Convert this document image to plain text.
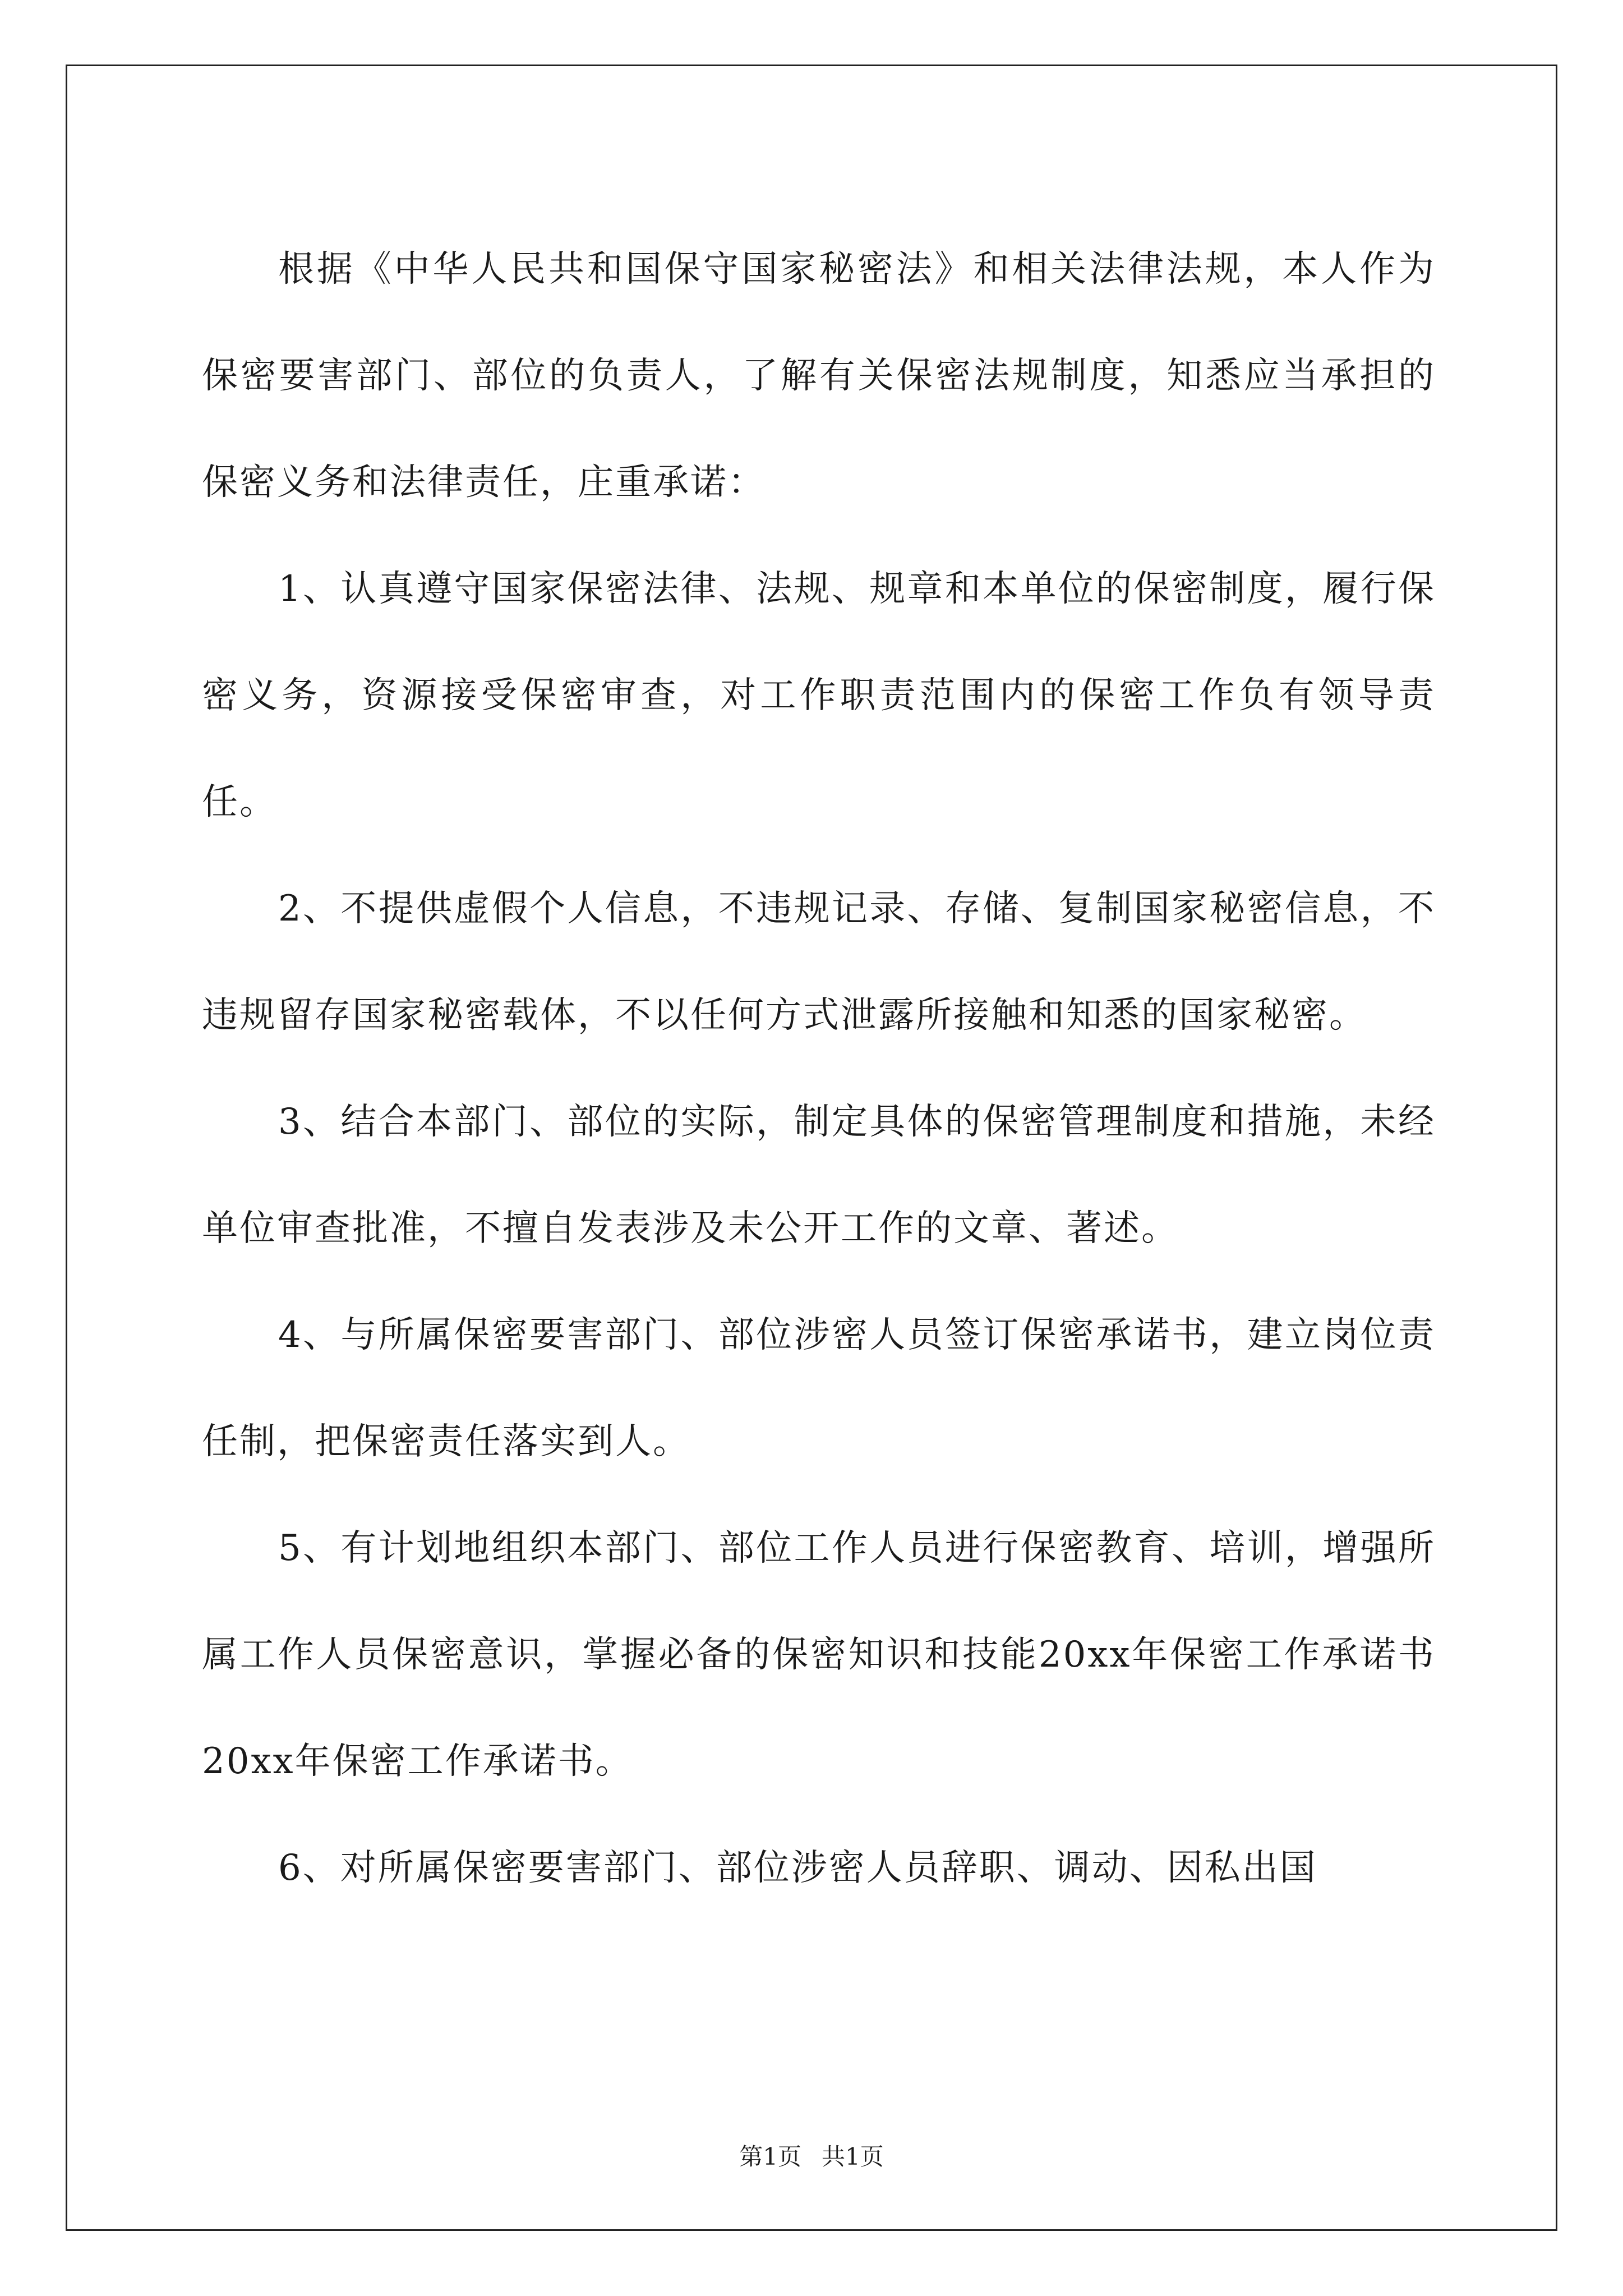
根据《中华人民共和国保守国家秘密法》和相关法律法规，本人作为保密要害部门、部位的负责人，了解有关保密法规制度，知悉应当承担的保密义务和法律责任，庄重承诺：

1、认真遵守国家保密法律、法规、规章和本单位的保密制度，履行保密义务，资源接受保密审查，对工作职责范围内的保密工作负有领导责任。

2、不提供虚假个人信息，不违规记录、存储、复制国家秘密信息，不违规留存国家秘密载体，不以任何方式泄露所接触和知悉的国家秘密。

3、结合本部门、部位的实际，制定具体的保密管理制度和措施，未经单位审查批准，不擅自发表涉及未公开工作的文章、著述。

4、与所属保密要害部门、部位涉密人员签订保密承诺书，建立岗位责任制，把保密责任落实到人。

5、有计划地组织本部门、部位工作人员进行保密教育、培训，增强所属工作人员保密意识，掌握必备的保密知识和技能20xx年保密工作承诺书20xx年保密工作承诺书。

6、对所属保密要害部门、部位涉密人员辞职、调动、因私出国

第1页 共1页
